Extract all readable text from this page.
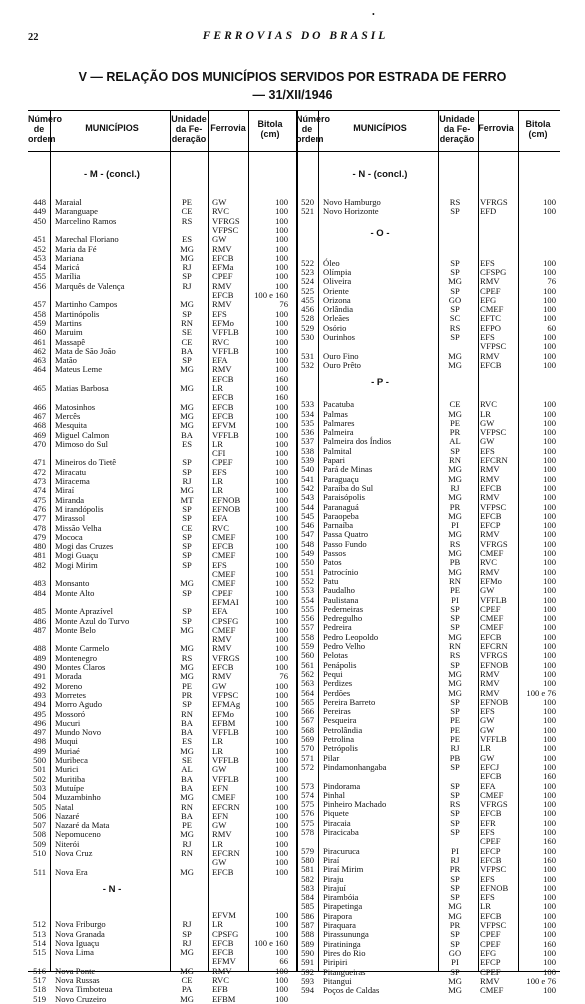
22	FERROVIAS DO BRASIL
•
V — RELAÇÃO DOS MUNICÍPIOS SERVIDOS POR ESTRADA DE FERRO
— 31/XII/1946
Número
de
ordem
MUNICÍPIOS
Unidade
da Fe-
deração
Ferrovia	Bitola
(cm)
Número
de
ordem
MUNICÍPIOS
Unidade
da Fe-
deração
Ferrovia	Bitola
(cm)
- M - (concl.)
448 Maraial	PE	GW	100
449 Maranguape	CE	RVC	100
450 Marcelino Ramos	RS	VFRGS	100
VFPSC	100
451 Marechal Floriano	ES	GW	100
452 Maria da Fé	MG	RMV	100
453 Mariana	MG	EFCB	100
454 Maricá	RJ	EFMa	100
455 Marília	SP	CPEF	100
456 Marquês de Valença	RJ	RMV	100
EFCB	100 e 160
457 Martinho Campos	MG	RMV	76
458 Martinópolis	SP	EFS	100
459 Martins	RN	EFMo	100
460 Maruim	SE	VFFLB	100
461 Massapê	CE	RVC	100
462 Mata de São João	BA	VFFLB	100
463 Matão	SP	EFA	100
464 Mateus Leme	MG	RMV	100
EFCB	160
465 Matias Barbosa	MG	LR	100
EFCB	160
466 Matosinhos	MG	EFCB	100
467 Mercês	MG	EFCB	100
468 Mesquita	MG	EFVM	100
469 Miguel Calmon	BA	VFFLB	100
470 Mimoso do Sul	ES	LR	100
CFI	100
471 Mineiros do Tietê	SP	CPEF	100
472 Miracatu	SP	EFS	100
473 Miracema	RJ	LR	100
474 Miraí	MG	LR	100
475 Miranda	MT	EFNOB	100
476 M irandópolis	SP	EFNOB	100
477 Mirassol	SP	EFA	100
478 Missão Velha	CE	RVC	100
479 Mococa	SP	CMEF	100
480 Mogi das Cruzes	SP	EFCB	100
481 Mogi Guaçu	SP	CMEF	100
482 Mogi Mirim	SP	EFS	100
CMEF	100
483 Monsanto	MG	CMEF	100
484 Monte Alto	SP	CPEF	100
EFMAI	100
485 Monte Aprazível	SP	EFA	100
486 Monte Azul do Turvo	SP	CPSFG	100
487 Monte Belo	MG	CMEF	100
RMV	100
488 Monte Carmelo	MG	RMV	100
489 Montenegro	RS	VFRGS	100
490 Montes Claros	MG	EFCB	100
491 Morada	MG	RMV	76
492 Moreno	PE	GW	100
493 Morretes	PR	VFPSC	100
494 Morro Agudo	SP	EFMAg	100
495 Mossoró	RN	EFMo	100
496 Mucuri	BA	EFBM	100
497 Mundo Novo	BA	VFFLB	100
498 Muqui	ES	LR	100
499 Muriaé	MG	LR	100
500 Muribeca	SE	VFFLB	100
501 Murici	AL	GW	100
502 Muritiba	BA	VFFLB	100
503 Mutuípe	BA	EFN	100
504 Muzambinho	MG	CMEF	100
505 Natal	RN	EFCRN	100
506 Nazaré	BA	EFN	100
507 Nazaré da Mata	PE	GW	100
508 Nepomuceno	MG	RMV	100
509 Niterói	RJ	LR	100
510 Nova Cruz	RN	EFCRN	100
GW	100
511 Nova Era	MG	EFCB	100
EFVM	100
512 Nova Friburgo	RJ	LR	100
513 Nova Granada	SP	CPSFG	100
514 Nova Iguaçu	RJ	EFCB	100 e 160
515 Nova Lima	MG	EFCB	100
EFMV	66
516 Nova Ponte	MG	RMV	100
517 Nova Russas	CE	RVC	100
518 Nova Timboteua	PA	EFB	100
519 Novo Cruzeiro	MG	EFBM	100
- N -
- N - (concl.)
520 Novo Hamburgo	RS	VFRGS	100
521 Novo Horizonte	SP	EFD	100
522 Óleo	SP	EFS	100
523 Olímpia	SP	CFSPG	100
524 Oliveira	MG	RMV	76
525 Oriente	SP	CPEF	100
455 Orizona	GO	EFG	100
456 Orlândia	SP	CMEF	100
528 Orleães	SC	EFTC	100
529 Osório	RS	EFPO	60
530 Ourinhos	SP	EFS	100
VFPSC	100
531 Ouro Fino	MG	RMV	100
532 Ouro Prêto	MG	EFCB	100
533 Pacatuba	CE	RVC	100
534 Palmas	MG	LR	100
535 Palmares	PE	GW	100
536 Palmeira	PR	VFPSC	100
537 Palmeira dos Índios	AL	GW	100
538 Palmital	SP	EFS	100
539 Papari	RN	EFCRN	100
540 Pará de Minas	MG	RMV	100
541 Paraguaçu	MG	RMV	100
542 Paraíba do Sul	RJ	EFCB	100
543 Paraisópolis	MG	RMV	100
544 Paranaguá	PR	VFPSC	100
545 Paraopeba	MG	EFCB	100
546 Parnaíba	PI	EFCP	100
547 Passa Quatro	MG	RMV	100
548 Passo Fundo	RS	VFRGS	100
549 Passos	MG	CMEF	100
550 Patos	PB	RVC	100
551 Patrocínio	MG	RMV	100
552 Patu	RN	EFMo	100
553 Paudalho	PE	GW	100
554 Paulistana	PI	VFFLB	100
555 Pederneiras	SP	CPEF	100
556 Pedregulho	SP	CMEF	100
557 Pedreira	SP	CMEF	100
558 Pedro Leopoldo	MG	EFCB	100
559 Pedro Velho	RN	EFCRN	100
560 Pelotas	RS	VFRGS	100
561 Penápolis	SP	EFNOB	100
562 Pequi	MG	RMV	100
563 Perdizes	MG	RMV	100
564 Perdões	MG	RMV	100 e 76
565 Pereira Barreto	SP	EFNOB	100
566 Pereiras	SP	EFS	100
567 Pesqueira	PE	GW	100
568 Petrolândia	PE	GW	100
569 Petrolina	PE	VFFLB	100
570 Petrópolis	RJ	LR	100
571 Pilar	PB	GW	100
572 Pindamonhangaba	SP	EFCJ	100
EFCB	160
573 Pindorama	SP	EFA	100
574 Pinhal	SP	CMEF	100
575 Pinheiro Machado	RS	VFRGS	100
576 Piquete	SP	EFCB	100
575 Piracaia	SP	EFR	100
578 Piracicaba	SP	EFS	100
CPEF	160
579 Piracuruca	PI	EFCP	100
580 Piraí	RJ	EFCB	160
581 Piraí Mirim	PR	VFPSC	100
582 Piraju	SP	EFS	100
583 Pirajuí	SP	EFNOB	100
584 Pirambóia	SP	EFS	100
585 Pirapetinga	MG	LR	100
586 Pirapora	MG	EFCB	100
587 Piraquara	PR	VFPSC	100
588 Pirassununga	SP	CPEF	100
589 Piratininga	SP	CPEF	160
590 Pires do Rio	GO	EFG	100
591 Piripiri	PI	EFCP	100
592 Pitangueiras	SP	CPEF	100
593 Pitangui	MG	RMV	100 e 76
594 Poços de Caldas	MG	CMEF	100
- O -
- P -
